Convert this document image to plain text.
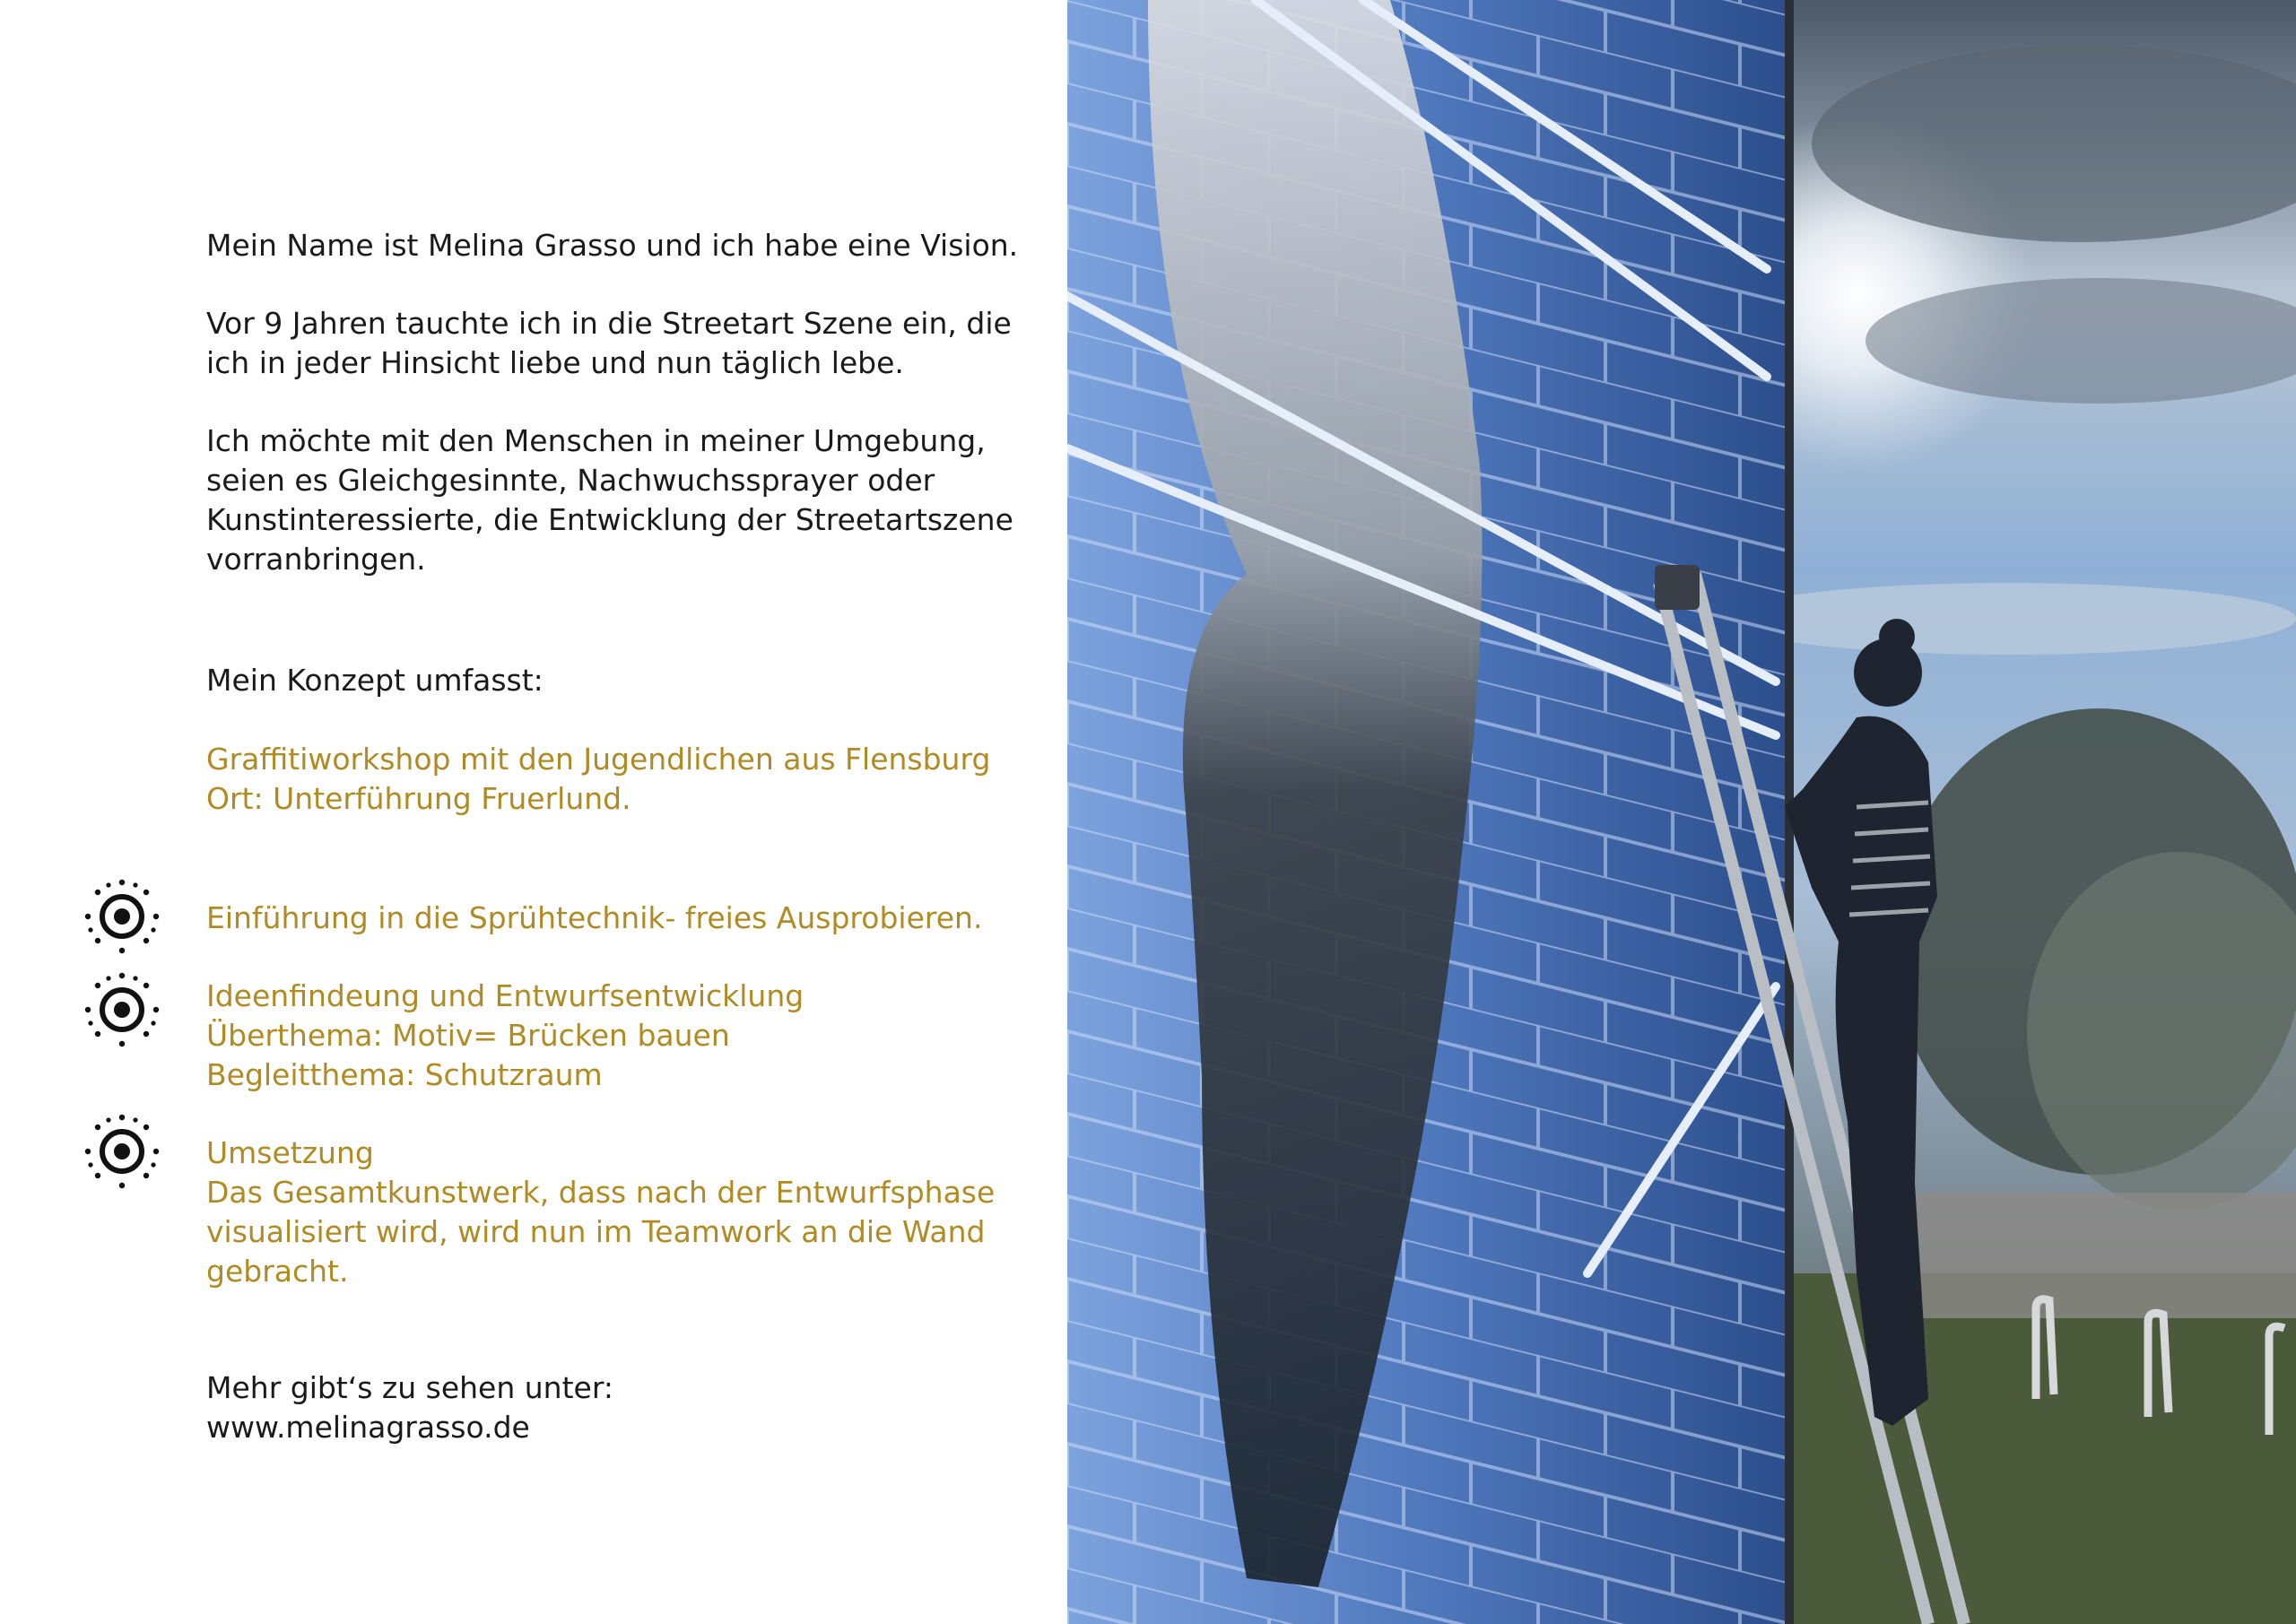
Mein Name ist Melina Grasso und ich habe eine Vision.

Vor 9 Jahren tauchte ich in die Streetart Szene ein, die
ich in jeder Hinsicht liebe und nun täglich lebe.

Ich möchte mit den Menschen in meiner Umgebung,
seien es Gleichgesinnte, Nachwuchssprayer oder
Kunstinteressierte, die Entwicklung der Streetartszene
vorranbringen.

Mein Konzept umfasst:

Graffitiworkshop mit den Jugendlichen aus Flensburg
Ort: Unterführung Fruerlund.

Einführung in die Sprühtechnik- freies Ausprobieren.

Ideenfindeung und Entwurfsentwicklung
Überthema: Motiv= Brücken bauen
Begleitthema: Schutzraum

Umsetzung
Das Gesamtkunstwerk, dass nach der Entwurfsphase
visualisiert wird, wird nun im Teamwork an die Wand
gebracht.

Mehr gibt‘s zu sehen unter:
www.melinagrasso.de
